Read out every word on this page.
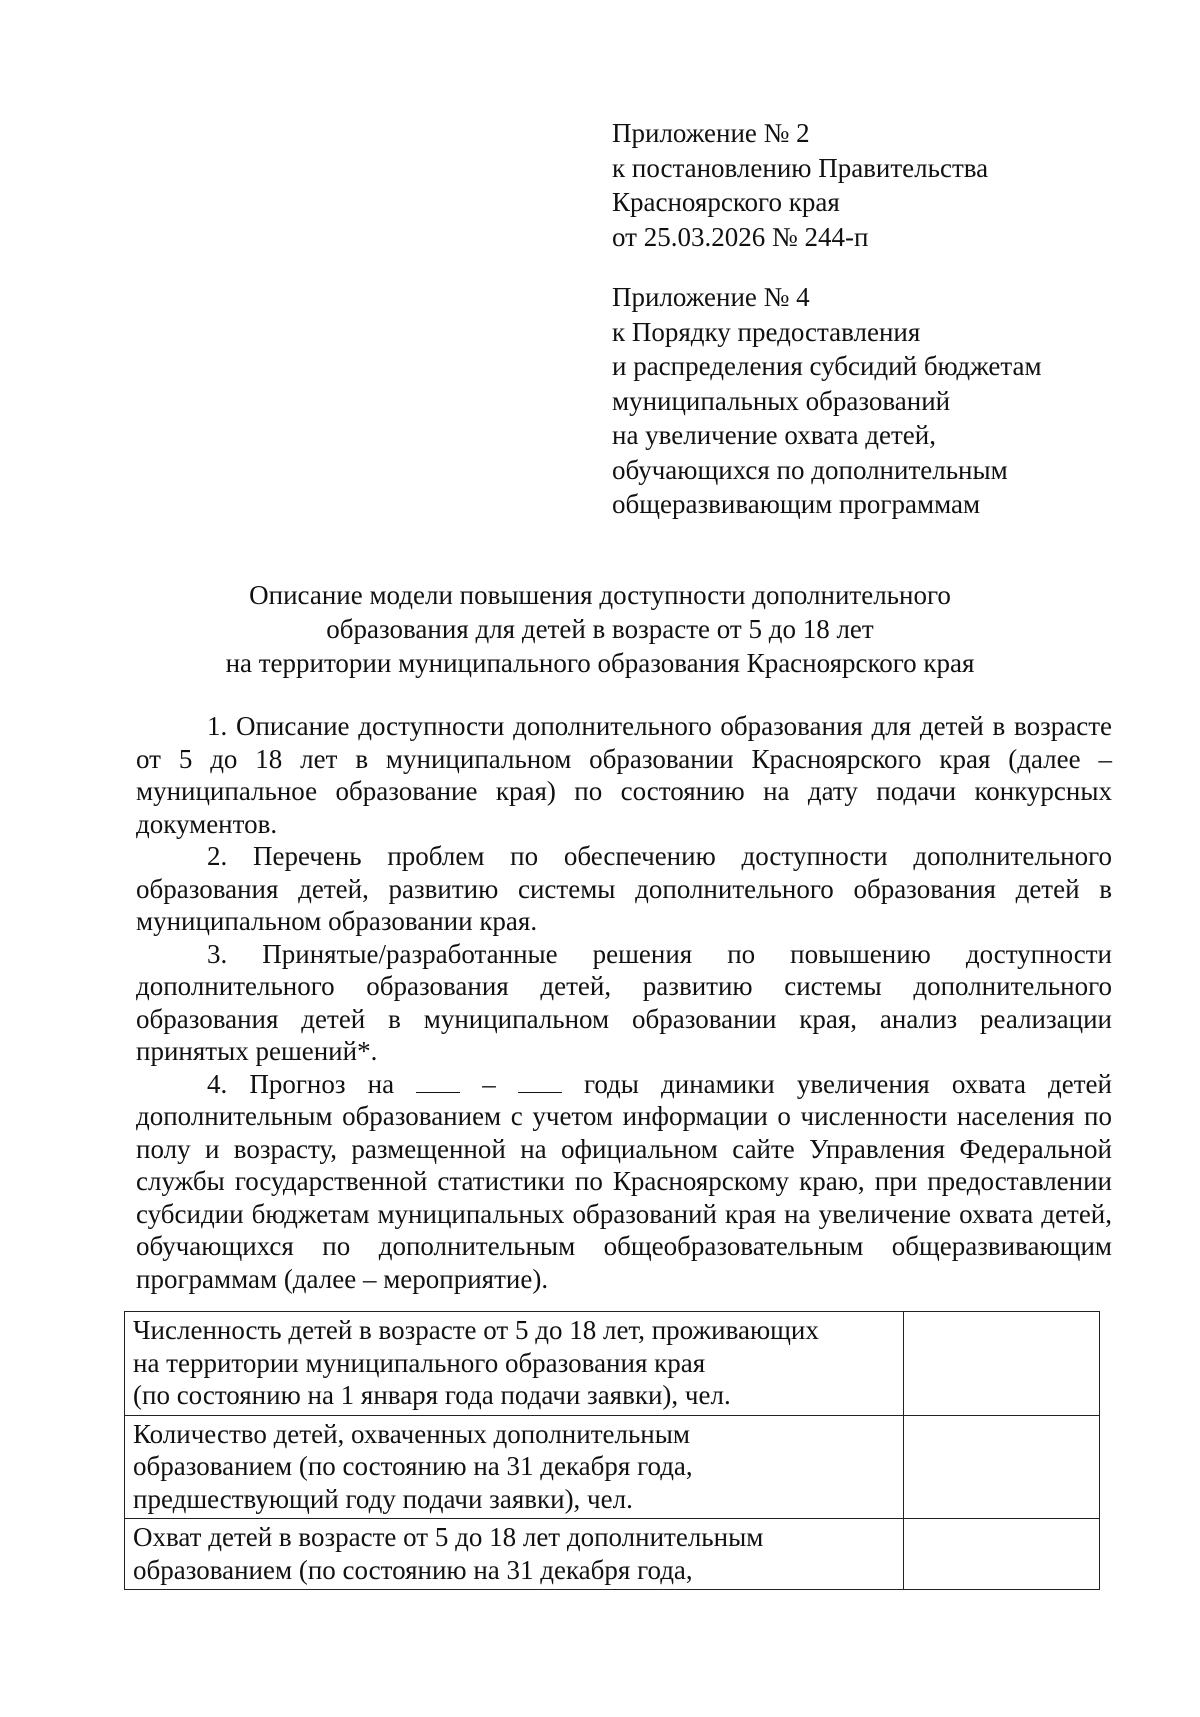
Приложение № 2
к постановлению Правительства
Красноярского края
от 25.03.2026 № 244-п
Приложение № 4
к Порядку предоставления
и распределения субсидий бюджетам
муниципальных образований
на увеличение охвата детей,
обучающихся по дополнительным
общеразвивающим программам
Описание модели повышения доступности дополнительного
образования для детей в возрасте от 5 до 18 лет
на территории муниципального образования Красноярского края

1. Описание доступности дополнительного образования для детей в возрасте от 5 до 18 лет в муниципальном образовании Красноярского края (далее – муниципальное образование края) по состоянию на дату подачи конкурсных документов.

2. Перечень проблем по обеспечению доступности дополнительного образования детей, развитию системы дополнительного образования детей в муниципальном образовании края.

3. Принятые/разработанные решения по повышению доступности дополнительного образования детей, развитию системы дополнительного образования детей в муниципальном образовании края, анализ реализации принятых решений*.

4. Прогноз на	–	годы динамики увеличения охвата детей дополнительным образованием с учетом информации о численности населения по полу и возрасту, размещенной на официальном сайте Управления Федеральной службы государственной статистики по Красноярскому краю, при предоставлении субсидии бюджетам муниципальных образований края на увеличение охвата детей, обучающихся по дополнительным общеобразовательным общеразвивающим программам (далее – мероприятие).

Численность детей в возрасте от 5 до 18 лет, проживающих
на территории муниципального образования края
(по состоянию на 1 января года подачи заявки), чел.	

Количество детей, охваченных дополнительным
образованием (по состоянию на 31 декабря года,
предшествующий году подачи заявки), чел.	

Охват детей в возрасте от 5 до 18 лет дополнительным
образованием (по состоянию на 31 декабря года,	
